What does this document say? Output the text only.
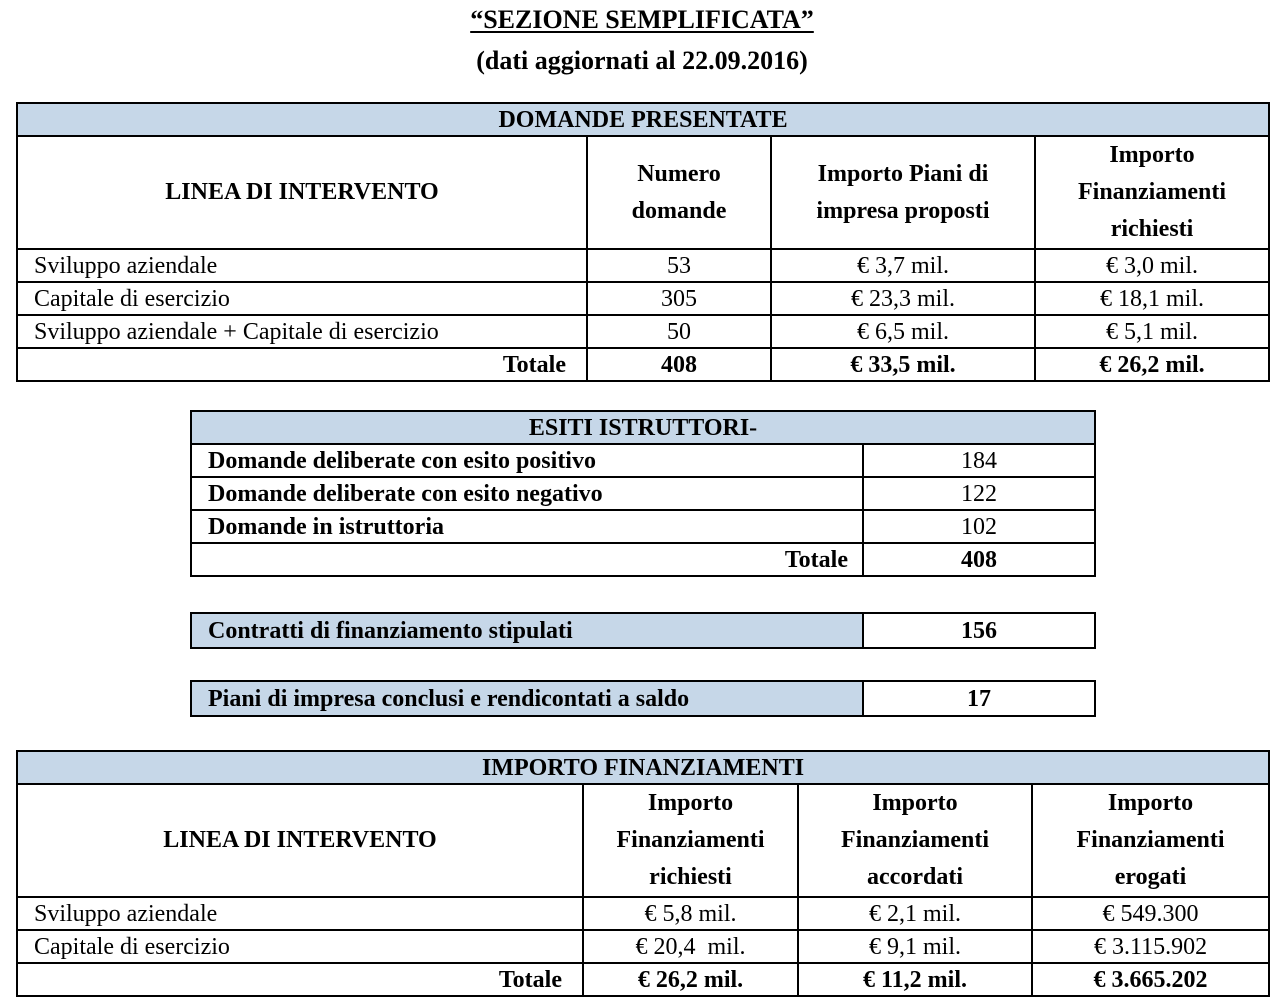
“SEZIONE SEMPLIFICATA”
(dati aggiornati al 22.09.2016)
DOMANDE PRESENTATE			
LINEA DI INTERVENTO	Numero domande	Importo Piani di impresa proposti	Importo Finanziamenti richiesti
Sviluppo aziendale	53	€ 3,7 mil.	€ 3,0 mil.
Capitale di esercizio	305	€ 23,3 mil.	€ 18,1 mil.
Sviluppo aziendale + Capitale di esercizio	50	€ 6,5 mil.	€ 5,1 mil.
Totale	408	€ 33,5 mil.	€ 26,2 mil.
ESITI ISTRUTTORI-	
Domande deliberate con esito positivo	184
Domande deliberate con esito negativo	122
Domande in istruttoria	102
Totale	408
Contratti di finanziamento stipulati	156
Piani di impresa conclusi e rendicontati a saldo	17
IMPORTO FINANZIAMENTI			
LINEA DI INTERVENTO	Importo Finanziamenti richiesti	Importo Finanziamenti accordati	Importo Finanziamenti erogati
Sviluppo aziendale	€ 5,8 mil.	€ 2,1 mil.	€ 549.300
Capitale di esercizio	€ 20,4  mil.	€ 9,1 mil.	€ 3.115.902
Totale	€ 26,2 mil.	€ 11,2 mil.	€ 3.665.202
